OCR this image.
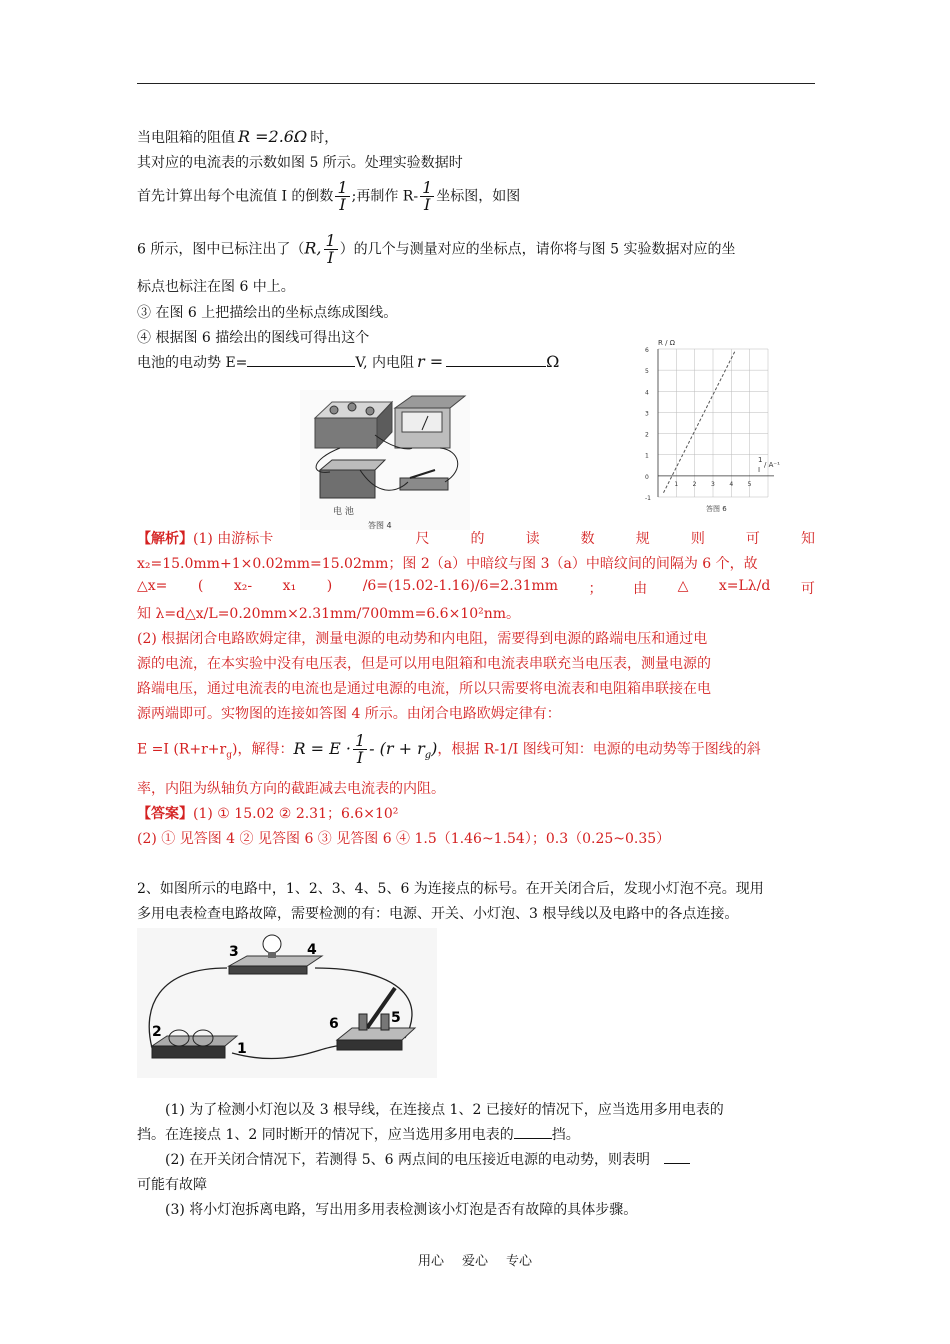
当电阻箱的阻值 R =2.6Ω 时，
其对应的电流表的示数如图 5 所示。处理实验数据时
首先计算出每个电流值 I 的倒数 $\frac{1}{I}$ ;再制作 $R- \frac{1}{I}$ 坐标图，如图
6 所示，图中已标注出了（R, $\frac{1}{I}$ ）的几个与测量对应的坐标点，请你将与图 5 实验数据对应的坐
标点也标注在图 6 中上。
③ 在图 6 上把描绘出的坐标点练成图线。
④ 根据图 6 描绘出的图线可得出这个
电池的电动势 E=	V, 内电阻 r =	Ω
电 池
答图 4
6
5
4
3
2
1
0
-1
1 2 3 4 5
R / Ω
1
I
/ A⁻¹
答图 6
【解析】(1) 由游标卡	尺	的	读	数	规	则	可	知
x₂=15.0mm+1×0.02mm=15.02mm；图 2（a）中暗纹与图 3（a）中暗纹间的间隔为 6 个，故
△x= ( x₂- x₁ ) /6=(15.02-1.16)/6=2.31mm ； 由 △ x=Lλ/d 可
知 λ=d△x/L=0.20mm×2.31mm/700mm=6.6×10²nm。
(2) 根据闭合电路欧姆定律，测量电源的电动势和内电阻，需要得到电源的路端电压和通过电
源的电流，在本实验中没有电压表，但是可以用电阻箱和电流表串联充当电压表，测量电源的
路端电压，通过电流表的电流也是通过电源的电流，所以只需要将电流表和电阻箱串联接在电
源两端即可。实物图的连接如答图 4 所示。由闭合电路欧姆定律有：
E =I $(R+r+r_g)$，解得：$R = E \cdot \frac{1}{I} - (r + r_g)$，根据 R-1/I 图线可知：电源的电动势等于图线的斜
率，内阻为纵轴负方向的截距减去电流表的内阻。
【答案】(1) ① 15.02 ② 2.31；6.6×10²
(2) ① 见答图 4 ② 见答图 6 ③ 见答图 6 ④ 1.5（1.46~1.54）；0.3（0.25~0.35）
2、如图所示的电路中，1、2、3、4、5、6 为连接点的标号。在开关闭合后，发现小灯泡不亮。现用
多用电表检查电路故障，需要检测的有：电源、开关、小灯泡、3 根导线以及电路中的各点连接。
3	4
2
1
6	5
(1) 为了检测小灯泡以及 3 根导线，在连接点 1、2 已接好的情况下，应当选用多用电表的
挡。在连接点 1、2 同时断开的情况下，应当选用多用电表的	挡。
(2) 在开关闭合情况下，若测得 5、6 两点间的电压接近电源的电动势，则表明
可能有故障
(3) 将小灯泡拆离电路，写出用多用表检测该小灯泡是否有故障的具体步骤。
用心 爱心 专心
